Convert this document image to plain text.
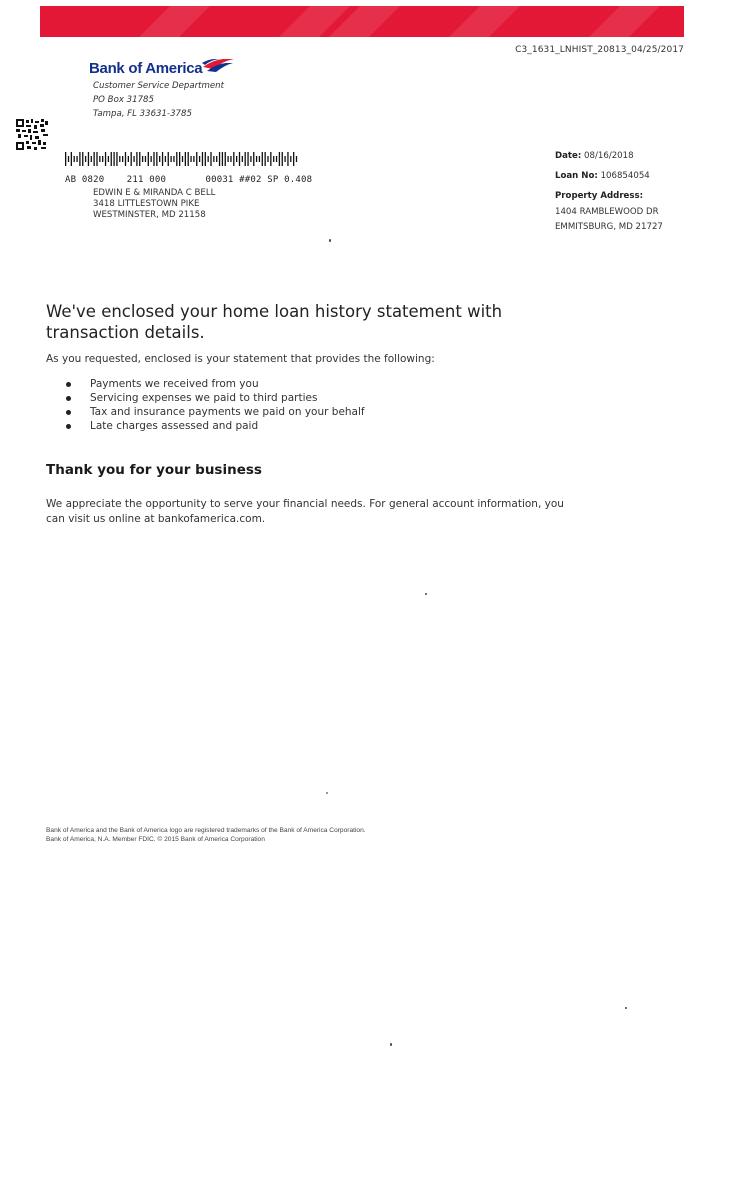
C3_1631_LNHIST_20813_04/25/2017
Bank of America
Customer Service Department
PO Box 31785
Tampa, FL 33631-3785
AB 0820    211 000       00031 ##02 SP 0.408
EDWIN E & MIRANDA C BELL
3418 LITTLESTOWN PIKE
WESTMINSTER, MD 21158
Date: 08/16/2018
Loan No: 106854054
Property Address:
1404 RAMBLEWOOD DR
EMMITSBURG, MD 21727
We've enclosed your home loan history statement with transaction details.
As you requested, enclosed is your statement that provides the following:
Payments we received from you
Servicing expenses we paid to third parties
Tax and insurance payments we paid on your behalf
Late charges assessed and paid
Thank you for your business
We appreciate the opportunity to serve your financial needs. For general account information, you can visit us online at bankofamerica.com.
Bank of America and the Bank of America logo are registered trademarks of the Bank of America Corporation.
Bank of America, N.A. Member FDIC. © 2015 Bank of America Corporation
